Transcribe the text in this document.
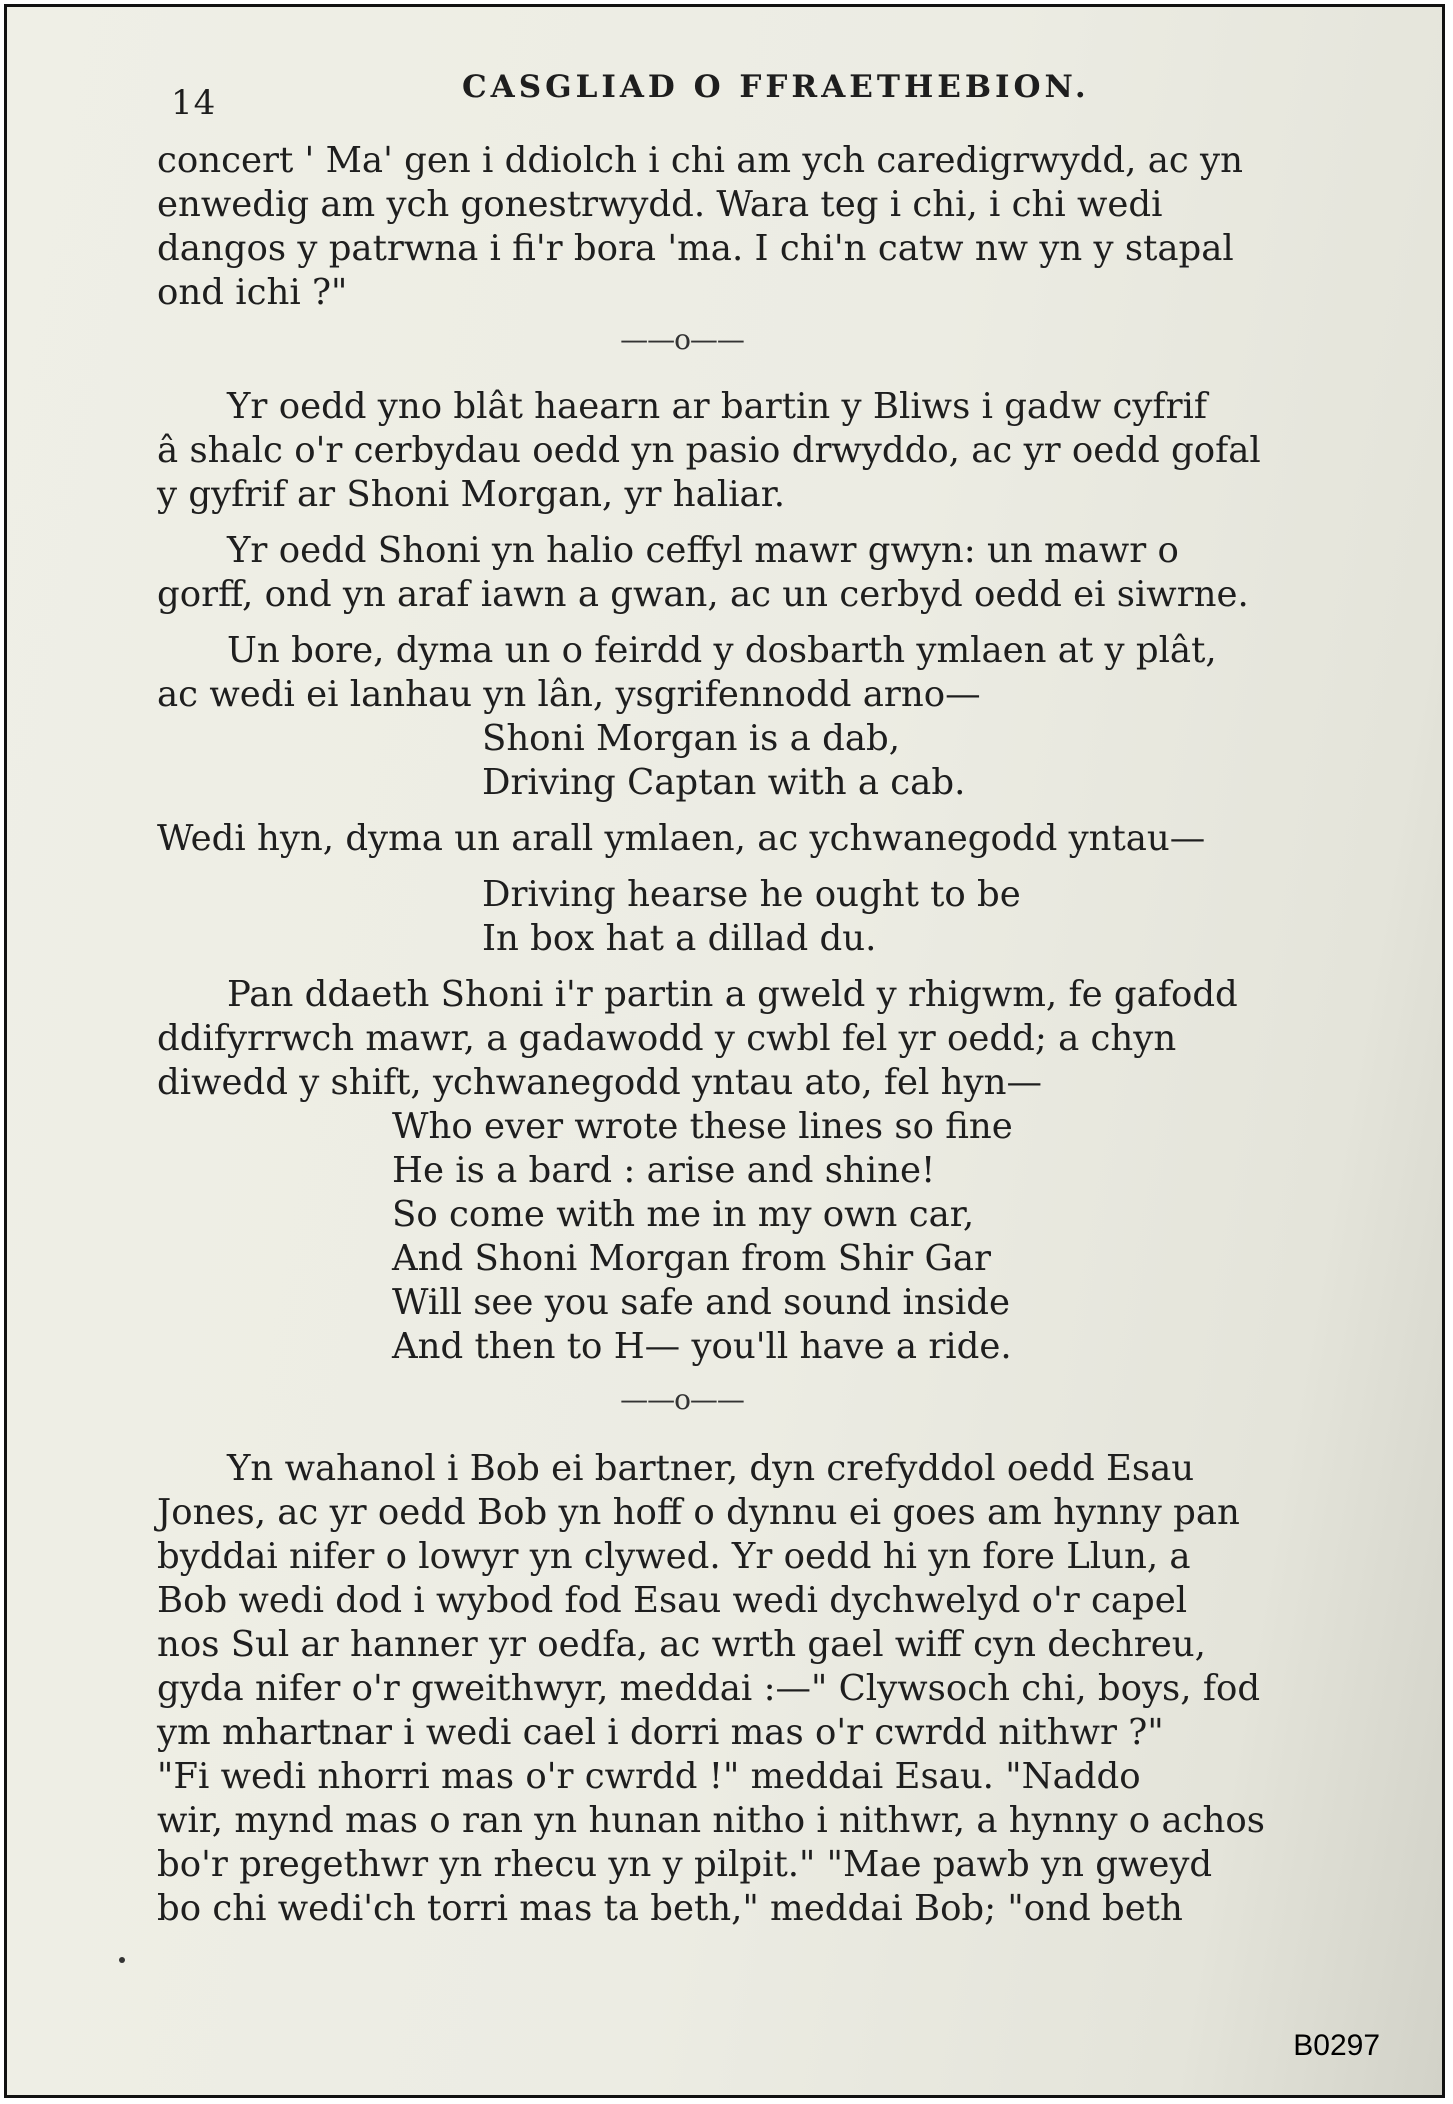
14	CASGLIAD O FFRAETHEBION.
concert ' Ma' gen i ddiolch i chi am ych caredigrwydd, ac yn
enwedig am ych gonestrwydd. Wara teg i chi, i chi wedi
dangos y patrwna i fi'r bora 'ma. I chi'n catw nw yn y stapal
ond ichi ?"
——o——
Yr oedd yno blât haearn ar bartin y Bliws i gadw cyfrif
â shalc o'r cerbydau oedd yn pasio drwyddo, ac yr oedd gofal
y gyfrif ar Shoni Morgan, yr haliar.
Yr oedd Shoni yn halio ceffyl mawr gwyn: un mawr o
gorff, ond yn araf iawn a gwan, ac un cerbyd oedd ei siwrne.
Un bore, dyma un o feirdd y dosbarth ymlaen at y plât,
ac wedi ei lanhau yn lân, ysgrifennodd arno—
Shoni Morgan is a dab,
Driving Captan with a cab.
Wedi hyn, dyma un arall ymlaen, ac ychwanegodd yntau—
Driving hearse he ought to be
In box hat a dillad du.
Pan ddaeth Shoni i'r partin a gweld y rhigwm, fe gafodd
ddifyrrwch mawr, a gadawodd y cwbl fel yr oedd; a chyn
diwedd y shift, ychwanegodd yntau ato, fel hyn—
Who ever wrote these lines so fine
He is a bard : arise and shine!
So come with me in my own car,
And Shoni Morgan from Shir Gar
Will see you safe and sound inside
And then to H— you'll have a ride.
——o——
Yn wahanol i Bob ei bartner, dyn crefyddol oedd Esau
Jones, ac yr oedd Bob yn hoff o dynnu ei goes am hynny pan
byddai nifer o lowyr yn clywed. Yr oedd hi yn fore Llun, a
Bob wedi dod i wybod fod Esau wedi dychwelyd o'r capel
nos Sul ar hanner yr oedfa, ac wrth gael wiff cyn dechreu,
gyda nifer o'r gweithwyr, meddai :—" Clywsoch chi, boys, fod
ym mhartnar i wedi cael i dorri mas o'r cwrdd nithwr ?"
"Fi wedi nhorri mas o'r cwrdd !" meddai Esau. "Naddo
wir, mynd mas o ran yn hunan nitho i nithwr, a hynny o achos
bo'r pregethwr yn rhecu yn y pilpit." "Mae pawb yn gweyd
bo chi wedi'ch torri mas ta beth," meddai Bob; "ond beth
B0297
